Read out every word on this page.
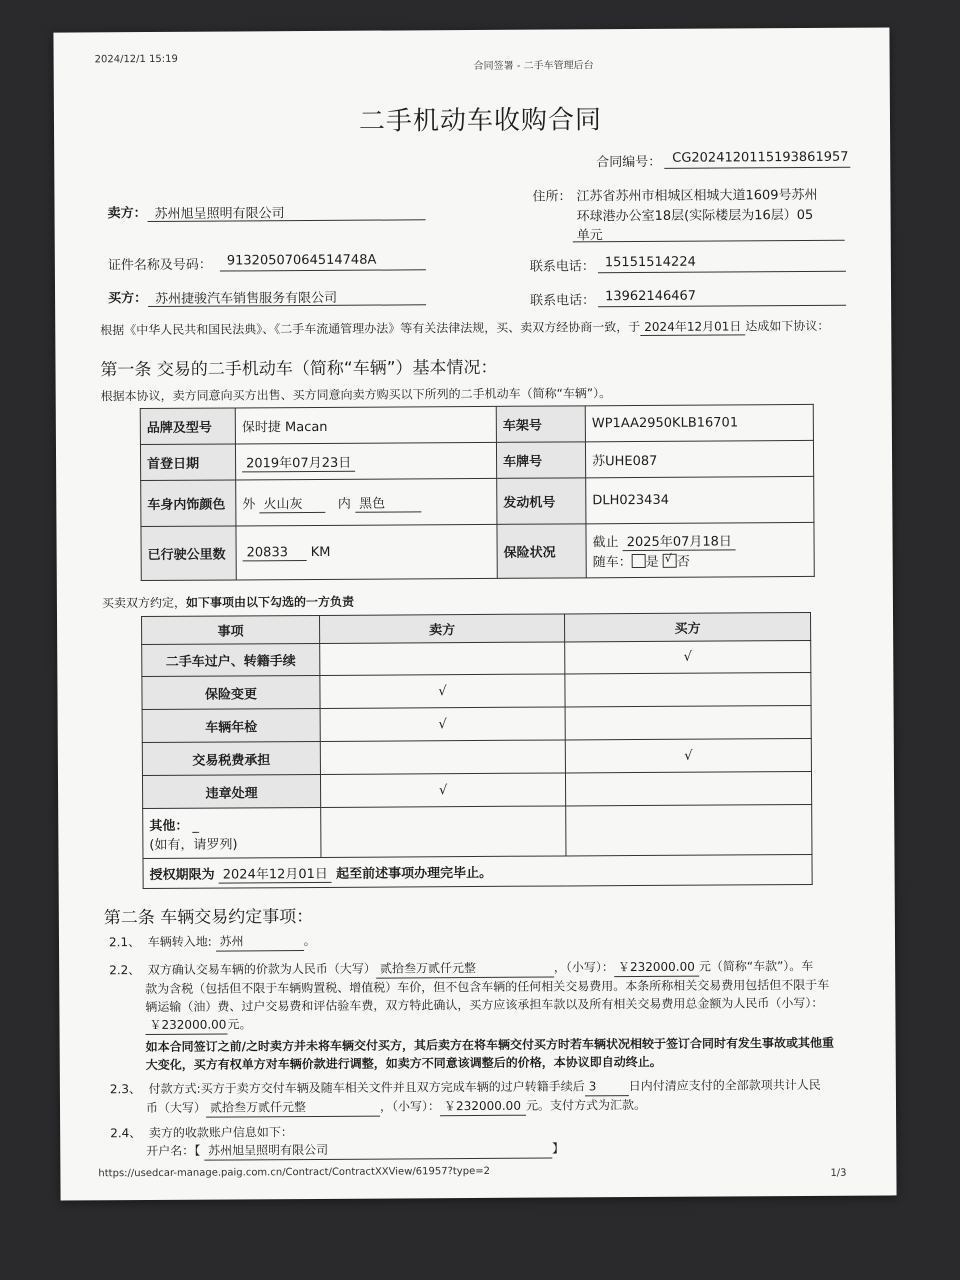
2024/12/1 15:19
合同签署 - 二手车管理后台
二手机动车收购合同
合同编号： CG2024120115193861957
卖方： 苏州旭呈照明有限公司
住所： 江苏省苏州市相城区相城大道1609号苏州
环球港办公室18层(实际楼层为16层）05
单元
证件名称及号码： 91320507064514748A	联系电话： 15151514224
买方： 苏州捷骏汽车销售服务有限公司	联系电话： 13962146467
根据《中华人民共和国民法典》、《二手车流通管理办法》等有关法律法规，买、卖双方经协商一致，于 2024年12月01日 达成如下协议：
第一条 交易的二手机动车（简称“车辆”）基本情况：
根据本协议，卖方同意向买方出售、买方同意向卖方购买以下所列的二手机动车（简称“车辆”）。
品牌及型号	保时捷 Macan	车架号	WP1AA2950KLB16701
首登日期	2019年07月23日	车牌号	苏UHE087
车身内饰颜色	外 火山灰 内 黑色	发动机号	DLH023434
已行驶公里数	20833 KM	保险状况	截止 2025年07月18日
随车： 是 √ 否
买卖双方约定，如下事项由以下勾选的一方负责
事项	卖方	买方
二手车过户、转籍手续		√
保险变更	√	
车辆年检	√	
交易税费承担		√
违章处理	√	

其他： _
(如有，请罗列)		

授权期限为 2024年12月01日 起至前述事项办理完毕止。		
第二条 车辆交易约定事项：
2.1、 车辆转入地: 苏州	。
2.2、 双方确认交易车辆的价款为人民币（大写） 贰拾叁万贰仟元整	，（小写）： ￥232000.00 元（简称“车款”）。车
款为含税（包括但不限于车辆购置税、增值税）车价，但不包含车辆的任何相关交易费用。本条所称相关交易费用包括但不限于车
辆运输（油）费、过户交易费和评估验车费，双方特此确认，买方应该承担车款以及所有相关交易费用总金额为人民币（小写）：
￥232000.00元。
如本合同签订之前/之时卖方并未将车辆交付买方，其后卖方在将车辆交付买方时若车辆状况相较于签订合同时有发生事故或其他重
大变化，买方有权单方对车辆价款进行调整，如卖方不同意该调整后的价格，本协议即自动终止。
2.3、 付款方式:买方于卖方交付车辆及随车相关文件并且双方完成车辆的过户转籍手续后 3	日内付清应支付的全部款项共计人民
币（大写） 贰拾叁万贰仟元整	，（小写）： ￥232000.00 元。支付方式为汇款。
2.4、 卖方的收款账户信息如下：
开户名：【 苏州旭呈照明有限公司	】
https://usedcar-manage.paig.com.cn/Contract/ContractXXView/61957?type=2	1/3
